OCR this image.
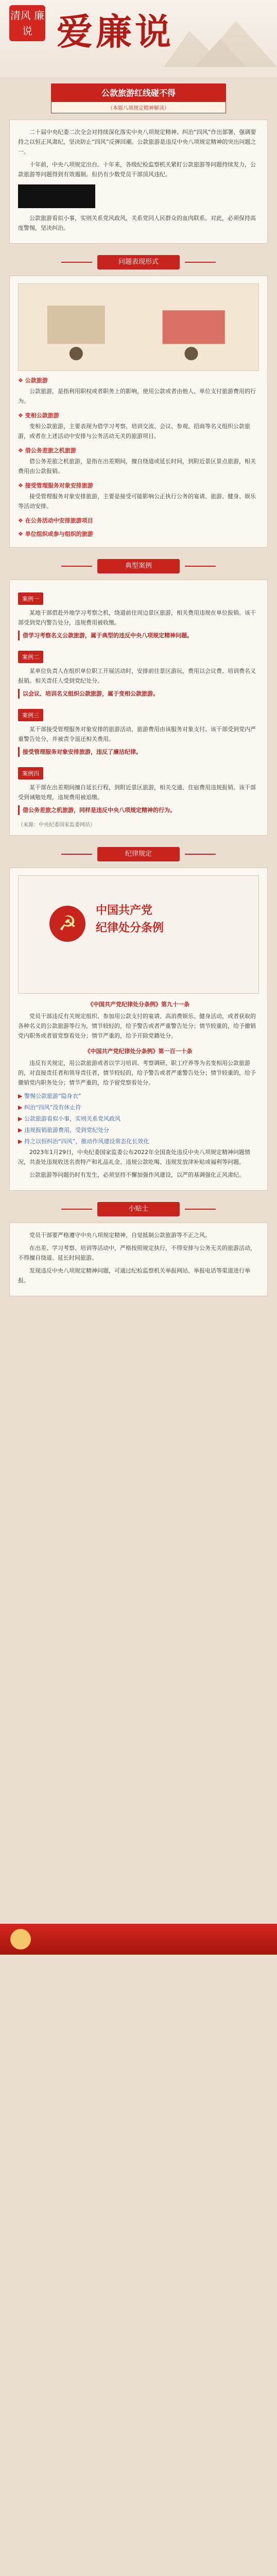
清风 廉说 爱廉说
公款旅游红线碰不得
（本版八项规定精神解读）

二十届中央纪委二次全会对持续深化落实中央八项规定精神、纠治“四风”作出部署，强调要持之以恒正风肃纪，坚决防止“四风”反弹回潮。公款旅游是违反中央八项规定精神的突出问题之一。

十年前，中央八项规定出台。十年来，各级纪检监察机关紧盯公款旅游等问题持续发力，公款旅游等问题得到有效遏制。但仍有少数党员干部顶风违纪。

公款旅游看似小事，实则关系党风政风，关系党同人民群众的血肉联系。对此，必须保持高度警惕，坚决纠治。

问题表现形式
❖ 公款旅游

公款旅游，是指利用职权或者职务上的影响，使用公款或者由他人、单位支付旅游费用的行为。

❖ 变相公款旅游

变相公款旅游，主要表现为借学习考察、培训交流、会议、参观、招商等名义组织公款旅游，或者在上述活动中安排与公务活动无关的旅游项目。

❖ 借公务差旅之机旅游

借公务差旅之机旅游，是指在出差期间，擅自绕道或延长时间，到附近景区景点旅游，相关费用由公款报销。

❖ 接受管理服务对象安排旅游

接受管理服务对象安排旅游，主要是接受可能影响公正执行公务的宴请、旅游、健身、娱乐等活动安排。

❖ 在公务活动中安排旅游项目
❖ 单位组织或参与组织的旅游
典型案例
案例一

某地干部借赴外地学习考察之机，绕道前往周边景区旅游，相关费用违规在单位报销。该干部受到党内警告处分，违规费用被收缴。

借学习考察名义公款旅游，属于典型的违反中央八项规定精神问题。
案例二

某单位负责人在组织单位职工开展活动时，安排前往景区游玩，费用以会议费、培训费名义报销。相关责任人受到党纪处分。

以会议、培训名义组织公款旅游，属于变相公款旅游。
案例三

某干部接受管理服务对象安排的旅游活动，旅游费用由该服务对象支付。该干部受到党内严重警告处分，并被责令退还相关费用。

接受管理服务对象安排旅游，违反了廉洁纪律。
案例四

某干部在出差期间擅自延长行程，到附近景区旅游，相关交通、住宿费用违规报销。该干部受到诫勉处理，违规费用被追缴。

借公务差旅之机旅游，同样是违反中央八项规定精神的行为。
（来源：中央纪委国家监委网站）
纪律规定
☭
中国共产党
纪律处分条例
《中国共产党纪律处分条例》第九十一条

党员干部违反有关规定组织、参加用公款支付的宴请、高消费娱乐、健身活动，或者获取的各种名义的公款旅游等行为，情节较轻的，给予警告或者严重警告处分；情节较重的，给予撤销党内职务或者留党察看处分；情节严重的，给予开除党籍处分。

《中国共产党纪律处分条例》第一百一十条

违反有关规定，用公款旅游或者以学习培训、考察调研、职工疗养等为名变相用公款旅游的，对直接责任者和领导责任者，情节较轻的，给予警告或者严重警告处分；情节较重的，给予撤销党内职务处分；情节严重的，给予留党察看处分。

▶ 警惕公款旅游“隐身衣”
▶ 纠治“四风”没有休止符
▶ 公款旅游看似小事，实则关系党风政风
▶ 违规报销旅游费用，受到党纪处分
▶ 持之以恒纠治“四风”，推动作风建设常态化长效化

2023年1月29日，中央纪委国家监委公布2022年全国查处违反中央八项规定精神问题情况，共查处违规收送名贵特产和礼品礼金、违规公款吃喝、违规发放津补贴或福利等问题。

公款旅游等问题仍时有发生，必须坚持不懈加强作风建设，以严的基调强化正风肃纪。

小贴士

党员干部要严格遵守中央八项规定精神，自觉抵制公款旅游等不正之风。

在出差、学习考察、培训等活动中，严格按照规定执行，不得安排与公务无关的旅游活动，不得擅自绕道、延长时间旅游。

发现违反中央八项规定精神问题，可通过纪检监察机关举报网站、举报电话等渠道进行举报。
